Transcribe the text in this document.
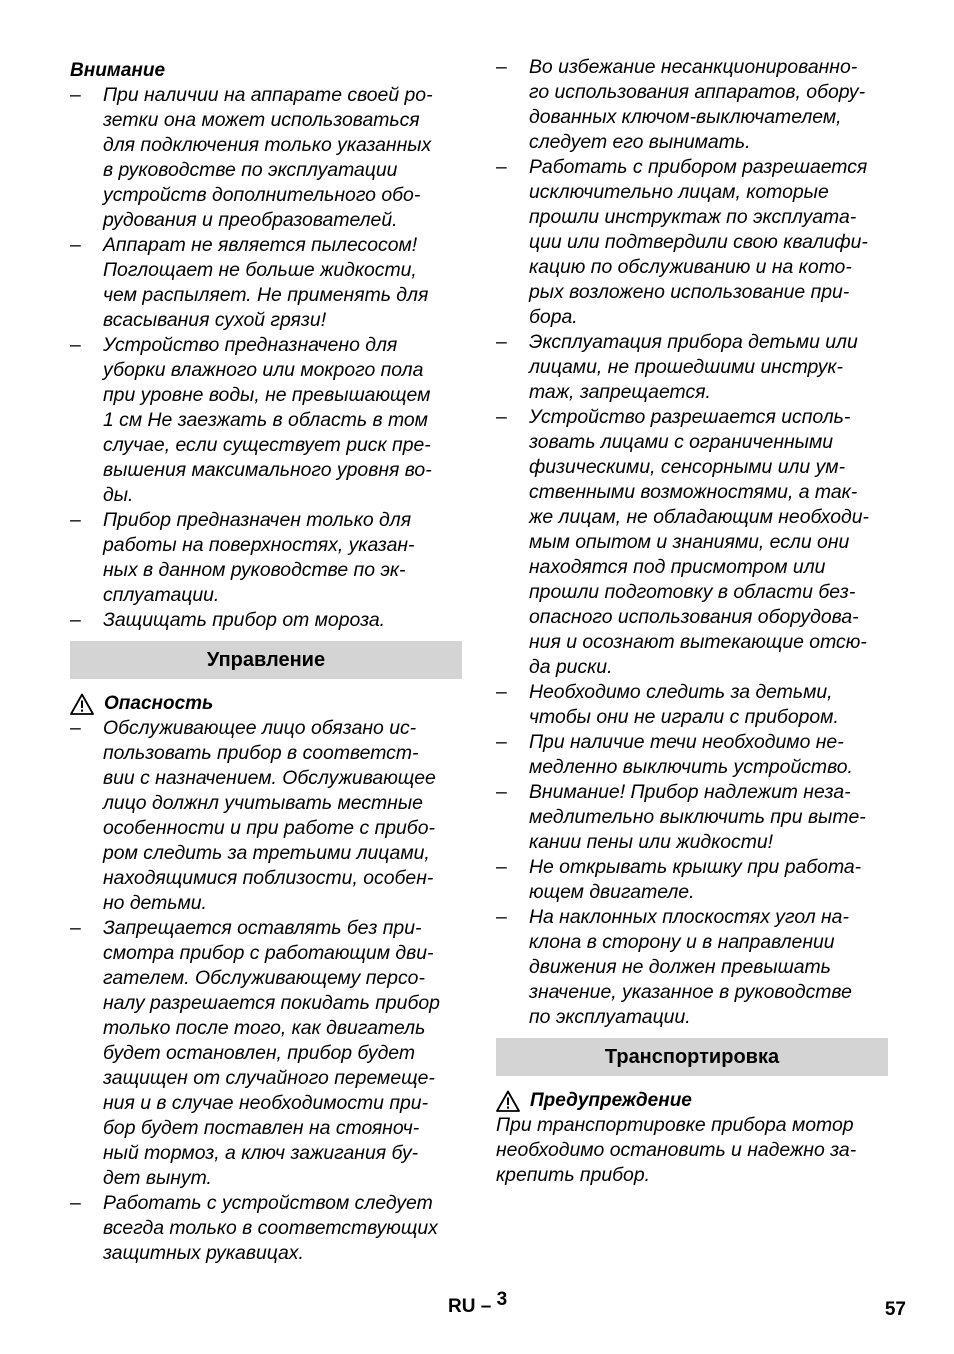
Внимание
– При наличии на аппарате своей ро-
зетки она может использоваться
для подключения только указанных
в руководстве по эксплуатации
устройств дополнительного обо-
рудования и преобразователей.
– Аппарат не является пылесосом!
Поглощает не больше жидкости,
чем распыляет. Не применять для
всасывания сухой грязи!
– Устройство предназначено для
уборки влажного или мокрого пола
при уровне воды, не превышающем
1 см Не заезжать в область в том
случае, если существует риск пре-
вышения максимального уровня во-
ды.
– Прибор предназначен только для
работы на поверхностях, указан-
ных в данном руководстве по эк-
сплуатации.
– Защищать прибор от мороза.
Управление
Опасность
– Обслуживающее лицо обязано ис-
пользовать прибор в соответст-
вии с назначением. Обслуживающее
лицо должнл учитывать местные
особенности и при работе с прибо-
ром следить за третьими лицами,
находящимися поблизости, особен-
но детьми.
– Запрещается оставлять без при-
смотра прибор с работающим дви-
гателем. Обслуживающему персо-
налу разрешается покидать прибор
только после того, как двигатель
будет остановлен, прибор будет
защищен от случайного перемеще-
ния и в случае необходимости при-
бор будет поставлен на стояноч-
ный тормоз, а ключ зажигания бу-
дет вынут.
– Работать с устройством следует
всегда только в соответствующих
защитных рукавицах.
– Во избежание несанкционированно-
го использования аппаратов, обору-
дованных ключом-выключателем,
следует его вынимать.
– Работать с прибором разрешается
исключительно лицам, которые
прошли инструктаж по эксплуата-
ции или подтвердили свою квалифи-
кацию по обслуживанию и на кото-
рых возложено использование при-
бора.
– Эксплуатация прибора детьми или
лицами, не прошедшими инструк-
таж, запрещается.
– Устройство разрешается исполь-
зовать лицами с ограниченными
физическими, сенсорными или ум-
ственными возможностями, а так-
же лицам, не обладающим необходи-
мым опытом и знаниями, если они
находятся под присмотром или
прошли подготовку в области без-
опасного использования оборудова-
ния и осознают вытекающие отсю-
да риски.
– Необходимо следить за детьми,
чтобы они не играли с прибором.
– При наличие течи необходимо не-
медленно выключить устройство.
– Внимание! Прибор надлежит неза-
медлительно выключить при выте-
кании пены или жидкости!
– Не открывать крышку при работа-
ющем двигателе.
– На наклонных плоскостях угол на-
клона в сторону и в направлении
движения не должен превышать
значение, указанное в руководстве
по эксплуатации.
Транспортировка
Предупреждение

При транспортировке прибора мотор
необходимо остановить и надежно за-
крепить прибор.

RU – 3	57
